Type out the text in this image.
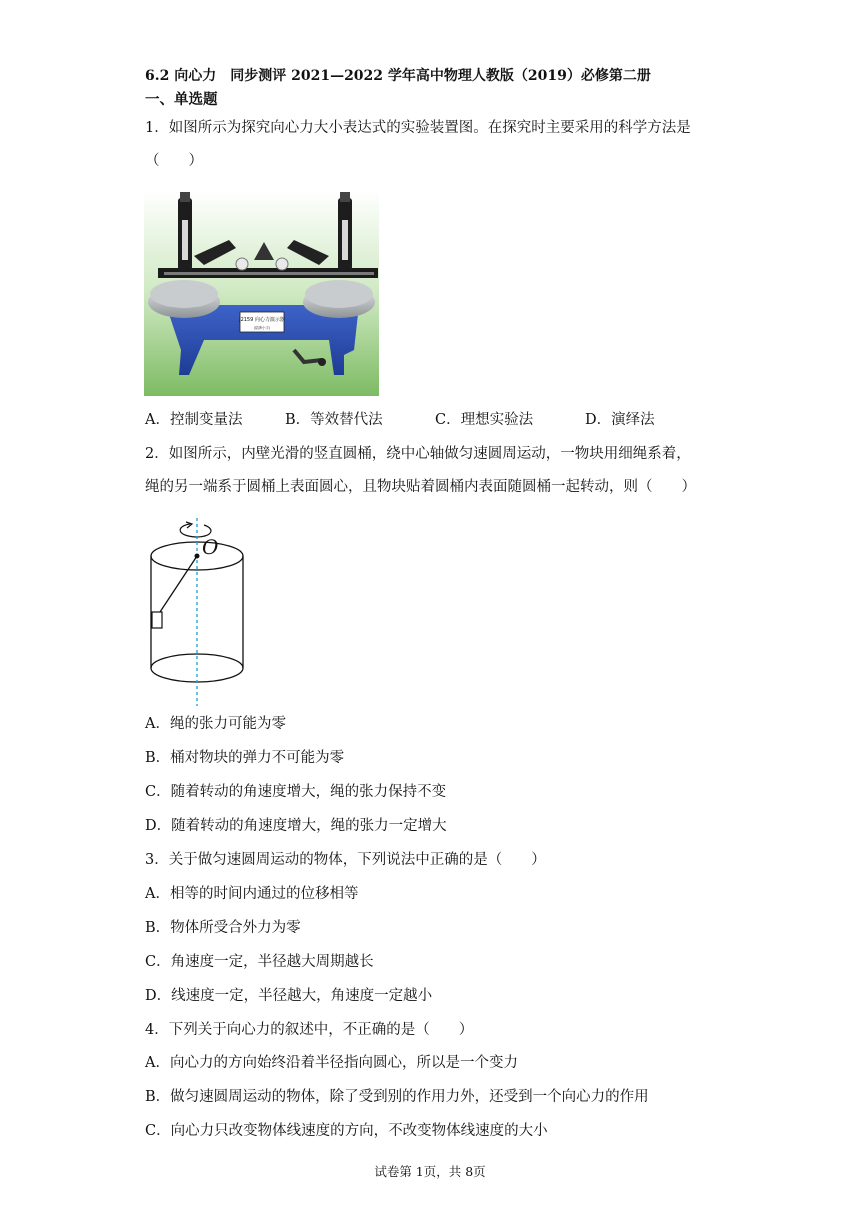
6.2 向心力　同步测评 2021—2022 学年高中物理人教版（2019）必修第二册
一、单选题
1．如图所示为探究向心力大小表达式的实验装置图。在探究时主要采用的科学方法是
（　　）
J2159 向心力演示器
(铭牌小字)
A．控制变量法	B．等效替代法	C．理想实验法	D．演绎法
2．如图所示，内壁光滑的竖直圆桶，绕中心轴做匀速圆周运动，一物块用细绳系着，
绳的另一端系于圆桶上表面圆心，且物块贴着圆桶内表面随圆桶一起转动，则（　　）
O
A．绳的张力可能为零
B．桶对物块的弹力不可能为零
C．随着转动的角速度增大，绳的张力保持不变
D．随着转动的角速度增大，绳的张力一定增大
3．关于做匀速圆周运动的物体，下列说法中正确的是（　　）
A．相等的时间内通过的位移相等
B．物体所受合外力为零
C．角速度一定，半径越大周期越长
D．线速度一定，半径越大，角速度一定越小
4．下列关于向心力的叙述中，不正确的是（　　）
A．向心力的方向始终沿着半径指向圆心，所以是一个变力
B．做匀速圆周运动的物体，除了受到别的作用力外，还受到一个向心力的作用
C．向心力只改变物体线速度的方向，不改变物体线速度的大小
试卷第 1页，共 8页
